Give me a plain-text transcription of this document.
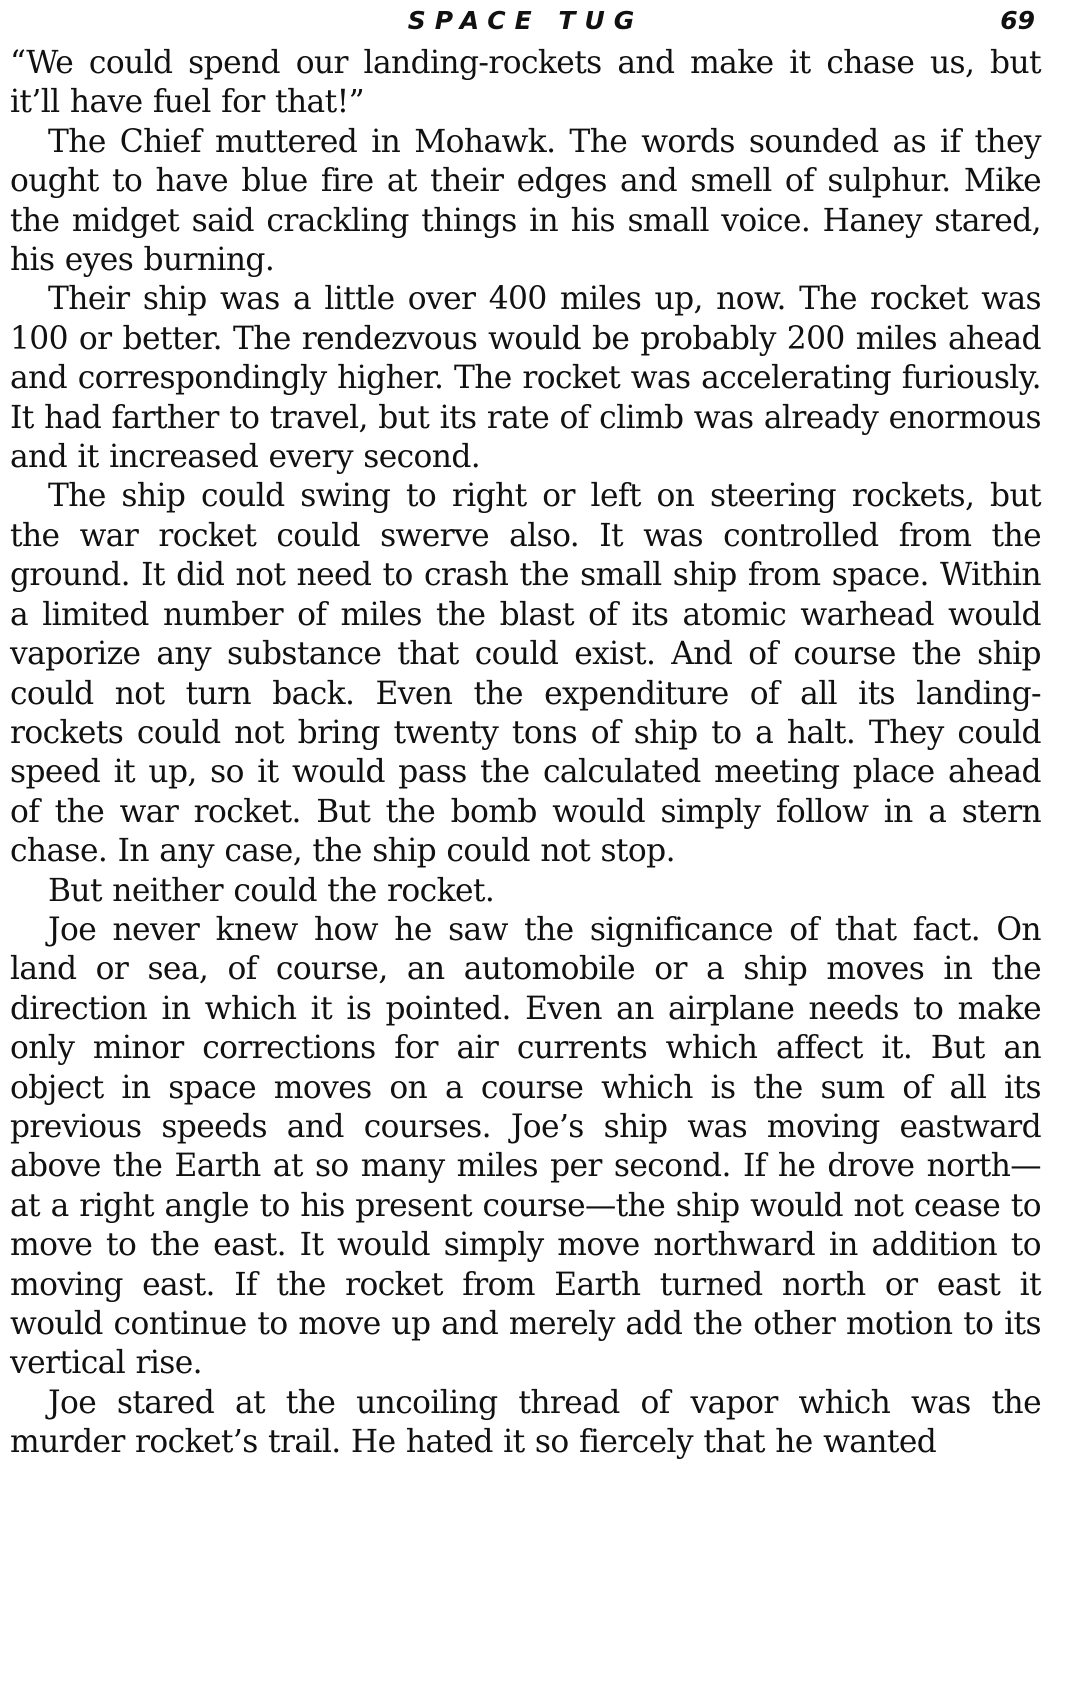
SPACE TUG	69

“We could spend our landing-rockets and make it chase us, but it’ll have fuel for that!”

The Chief muttered in Mohawk. The words sounded as if they ought to have blue fire at their edges and smell of sulphur. Mike the midget said crackling things in his small voice. Haney stared, his eyes burning.

Their ship was a little over 400 miles up, now. The rocket was 100 or better. The rendezvous would be probably 200 miles ahead and correspondingly higher. The rocket was accelerating furiously. It had farther to travel, but its rate of climb was already enormous and it increased every second.

The ship could swing to right or left on steering rockets, but the war rocket could swerve also. It was controlled from the ground. It did not need to crash the small ship from space. Within a limited number of miles the blast of its atomic warhead would vaporize any substance that could exist. And of course the ship could not turn back. Even the expenditure of all its landing-rockets could not bring twenty tons of ship to a halt. They could speed it up, so it would pass the calculated meeting place ahead of the war rocket. But the bomb would simply follow in a stern chase. In any case, the ship could not stop.

But neither could the rocket.

Joe never knew how he saw the significance of that fact. On land or sea, of course, an automobile or a ship moves in the direction in which it is pointed. Even an airplane needs to make only minor corrections for air currents which affect it. But an object in space moves on a course which is the sum of all its previous speeds and courses. Joe’s ship was moving eastward above the Earth at so many miles per second. If he drove north—at a right angle to his present course—the ship would not cease to move to the east. It would simply move northward in addition to moving east. If the rocket from Earth turned north or east it would continue to move up and merely add the other motion to its vertical rise.

Joe stared at the uncoiling thread of vapor which was the murder rocket’s trail. He hated it so fiercely that he wanted
